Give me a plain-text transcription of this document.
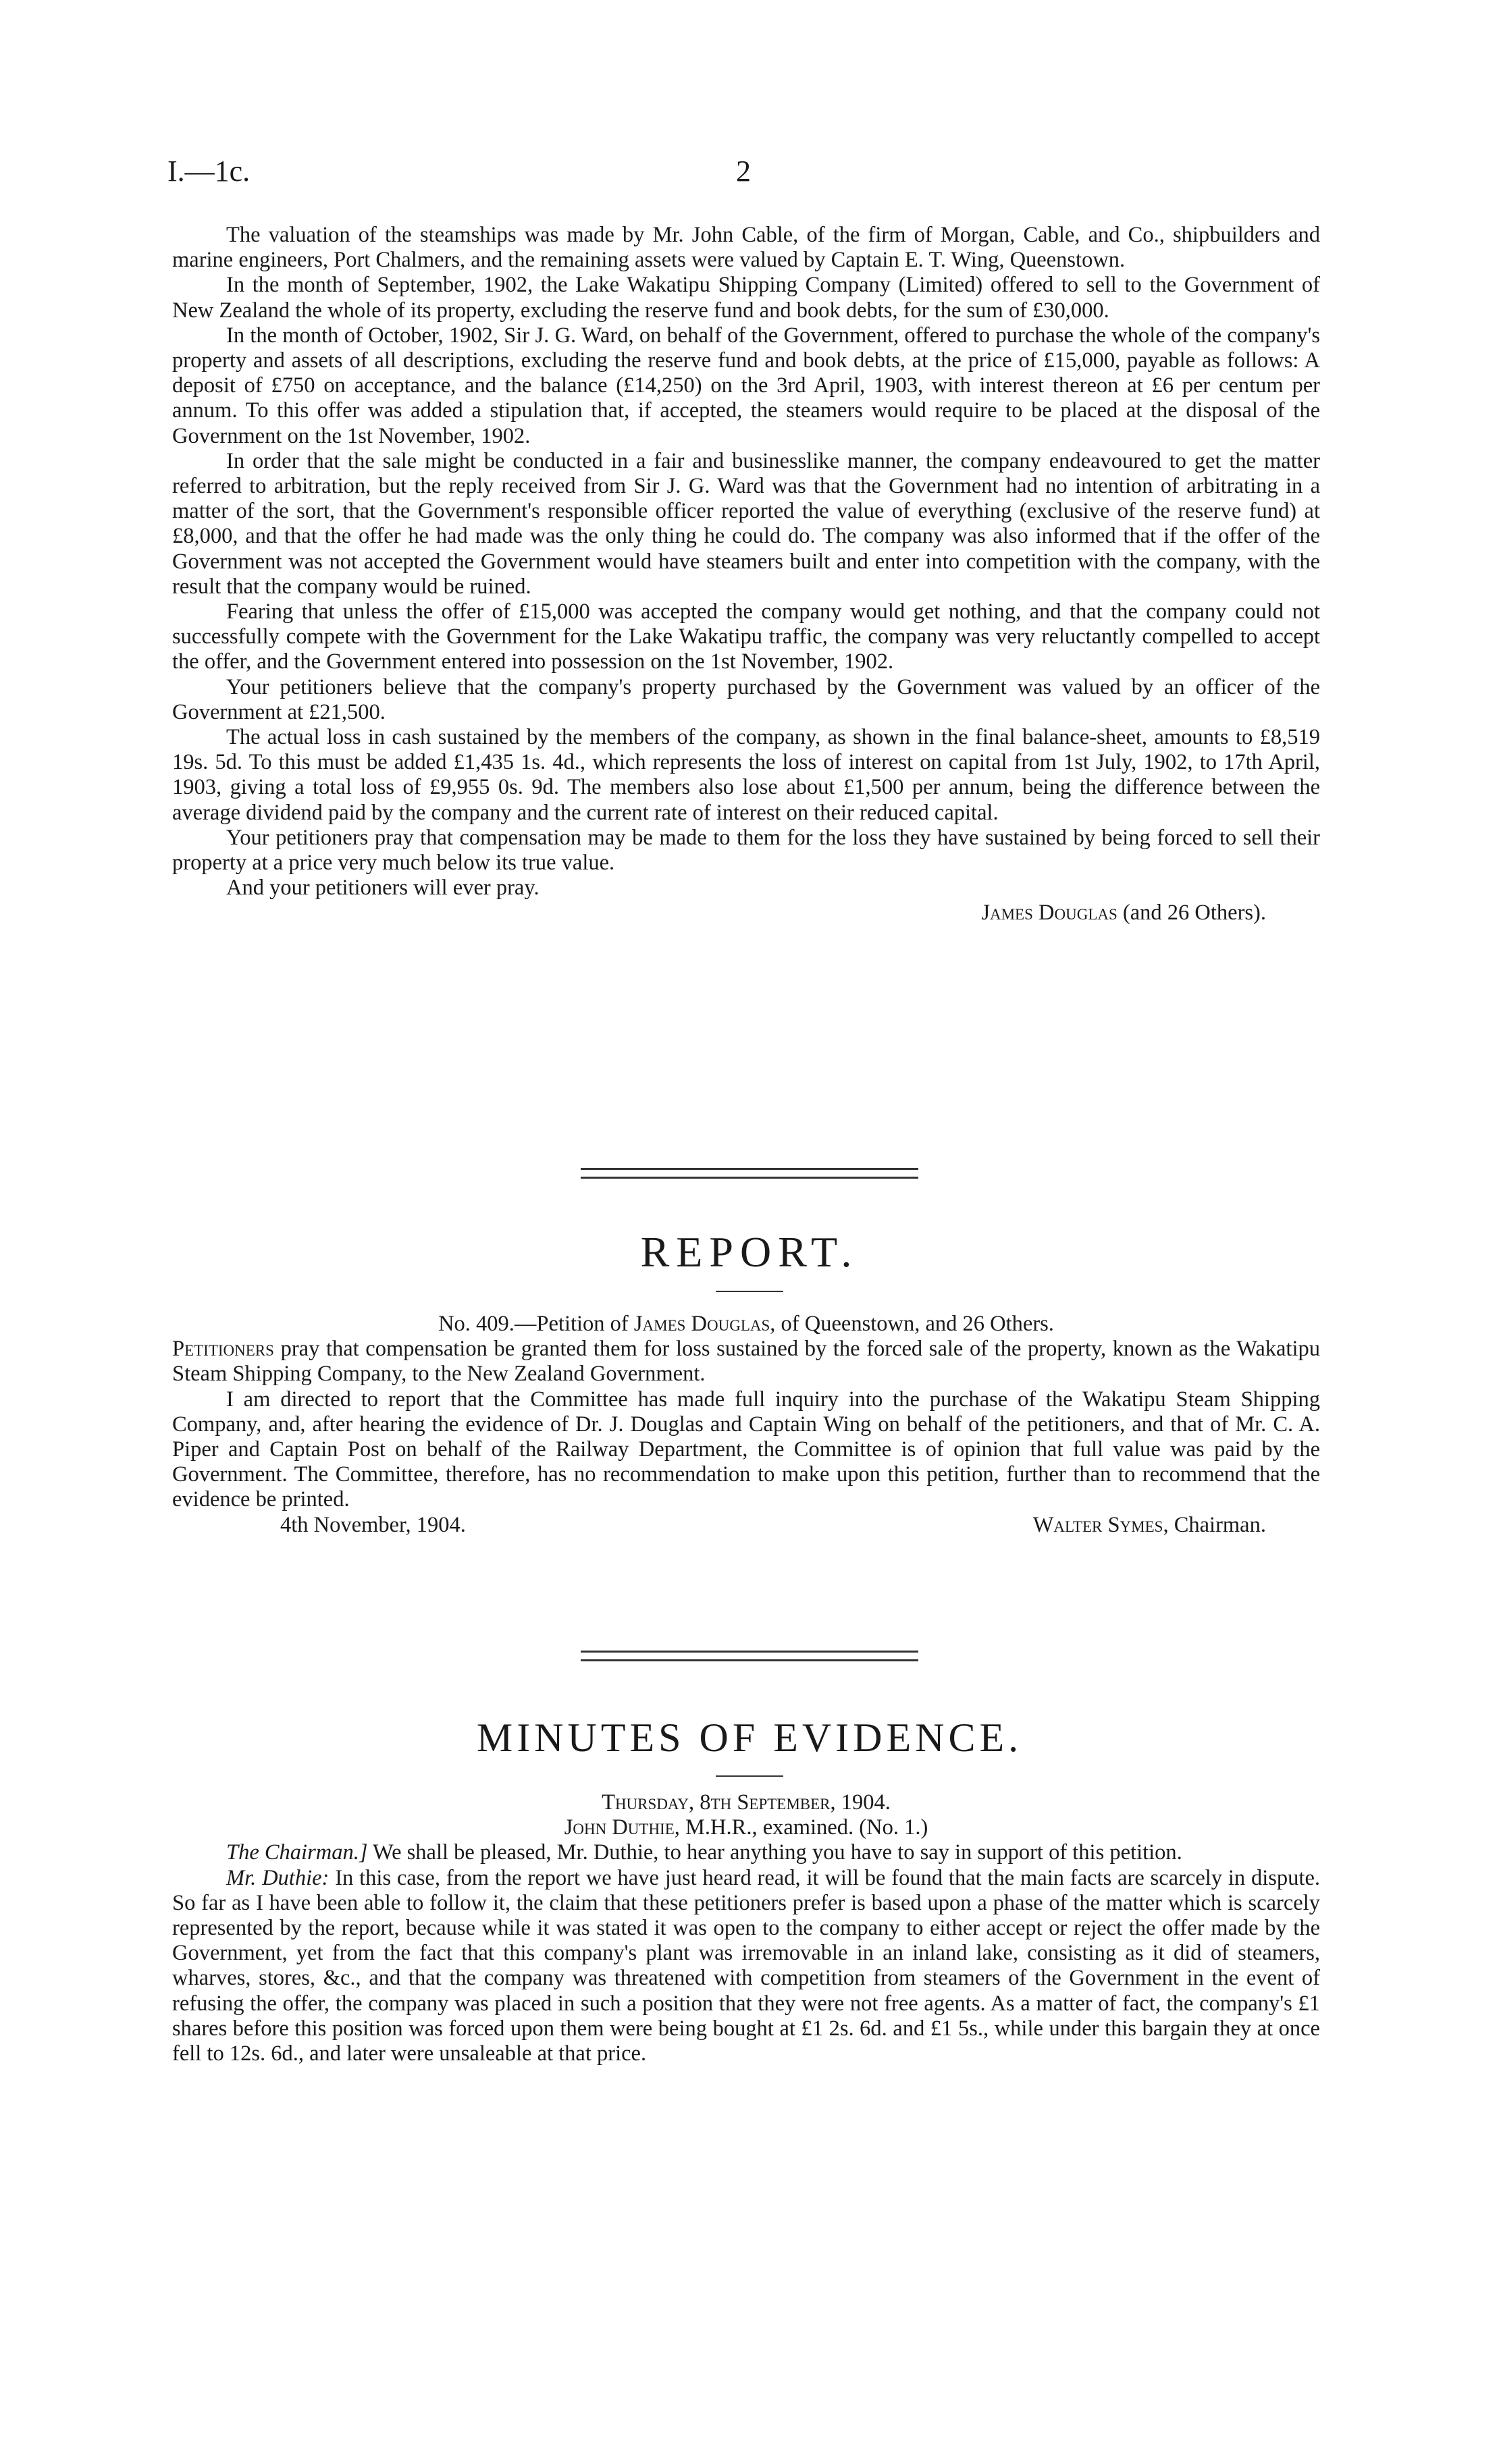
I.—1c.	2

The valuation of the steamships was made by Mr. John Cable, of the firm of Morgan, Cable, and Co., shipbuilders and marine engineers, Port Chalmers, and the remaining assets were valued by Captain E. T. Wing, Queenstown.

In the month of September, 1902, the Lake Wakatipu Shipping Company (Limited) offered to sell to the Government of New Zealand the whole of its property, excluding the reserve fund and book debts, for the sum of £30,000.

In the month of October, 1902, Sir J. G. Ward, on behalf of the Government, offered to purchase the whole of the company's property and assets of all descriptions, excluding the reserve fund and book debts, at the price of £15,000, payable as follows: A deposit of £750 on acceptance, and the balance (£14,250) on the 3rd April, 1903, with interest thereon at £6 per centum per annum. To this offer was added a stipulation that, if accepted, the steamers would require to be placed at the disposal of the Government on the 1st November, 1902.

In order that the sale might be conducted in a fair and businesslike manner, the company endeavoured to get the matter referred to arbitration, but the reply received from Sir J. G. Ward was that the Government had no intention of arbitrating in a matter of the sort, that the Government's responsible officer reported the value of everything (exclusive of the reserve fund) at £8,000, and that the offer he had made was the only thing he could do. The company was also informed that if the offer of the Government was not accepted the Government would have steamers built and enter into competition with the company, with the result that the company would be ruined.

Fearing that unless the offer of £15,000 was accepted the company would get nothing, and that the company could not successfully compete with the Government for the Lake Wakatipu traffic, the company was very reluctantly compelled to accept the offer, and the Government entered into possession on the 1st November, 1902.

Your petitioners believe that the company's property purchased by the Government was valued by an officer of the Government at £21,500.

The actual loss in cash sustained by the members of the company, as shown in the final balance-sheet, amounts to £8,519 19s. 5d. To this must be added £1,435 1s. 4d., which represents the loss of interest on capital from 1st July, 1902, to 17th April, 1903, giving a total loss of £9,955 0s. 9d. The members also lose about £1,500 per annum, being the difference between the average dividend paid by the company and the current rate of interest on their reduced capital.

Your petitioners pray that compensation may be made to them for the loss they have sustained by being forced to sell their property at a price very much below its true value.

And your petitioners will ever pray.

James Douglas (and 26 Others).

REPORT.

No. 409.—Petition of James Douglas, of Queenstown, and 26 Others.

Petitioners pray that compensation be granted them for loss sustained by the forced sale of the property, known as the Wakatipu Steam Shipping Company, to the New Zealand Government.

I am directed to report that the Committee has made full inquiry into the purchase of the Wakatipu Steam Shipping Company, and, after hearing the evidence of Dr. J. Douglas and Captain Wing on behalf of the petitioners, and that of Mr. C. A. Piper and Captain Post on behalf of the Railway Department, the Committee is of opinion that full value was paid by the Government. The Committee, therefore, has no recommendation to make upon this petition, further than to recommend that the evidence be printed.

4th November, 1904.	Walter Symes, Chairman.

MINUTES OF EVIDENCE.

Thursday, 8th September, 1904.

John Duthie, M.H.R., examined. (No. 1.)

The Chairman.] We shall be pleased, Mr. Duthie, to hear anything you have to say in support of this petition.

Mr. Duthie: In this case, from the report we have just heard read, it will be found that the main facts are scarcely in dispute. So far as I have been able to follow it, the claim that these petitioners prefer is based upon a phase of the matter which is scarcely represented by the report, because while it was stated it was open to the company to either accept or reject the offer made by the Government, yet from the fact that this company's plant was irremovable in an inland lake, consisting as it did of steamers, wharves, stores, &c., and that the company was threatened with competition from steamers of the Government in the event of refusing the offer, the company was placed in such a position that they were not free agents. As a matter of fact, the company's £1 shares before this position was forced upon them were being bought at £1 2s. 6d. and £1 5s., while under this bargain they at once fell to 12s. 6d., and later were unsaleable at that price.
